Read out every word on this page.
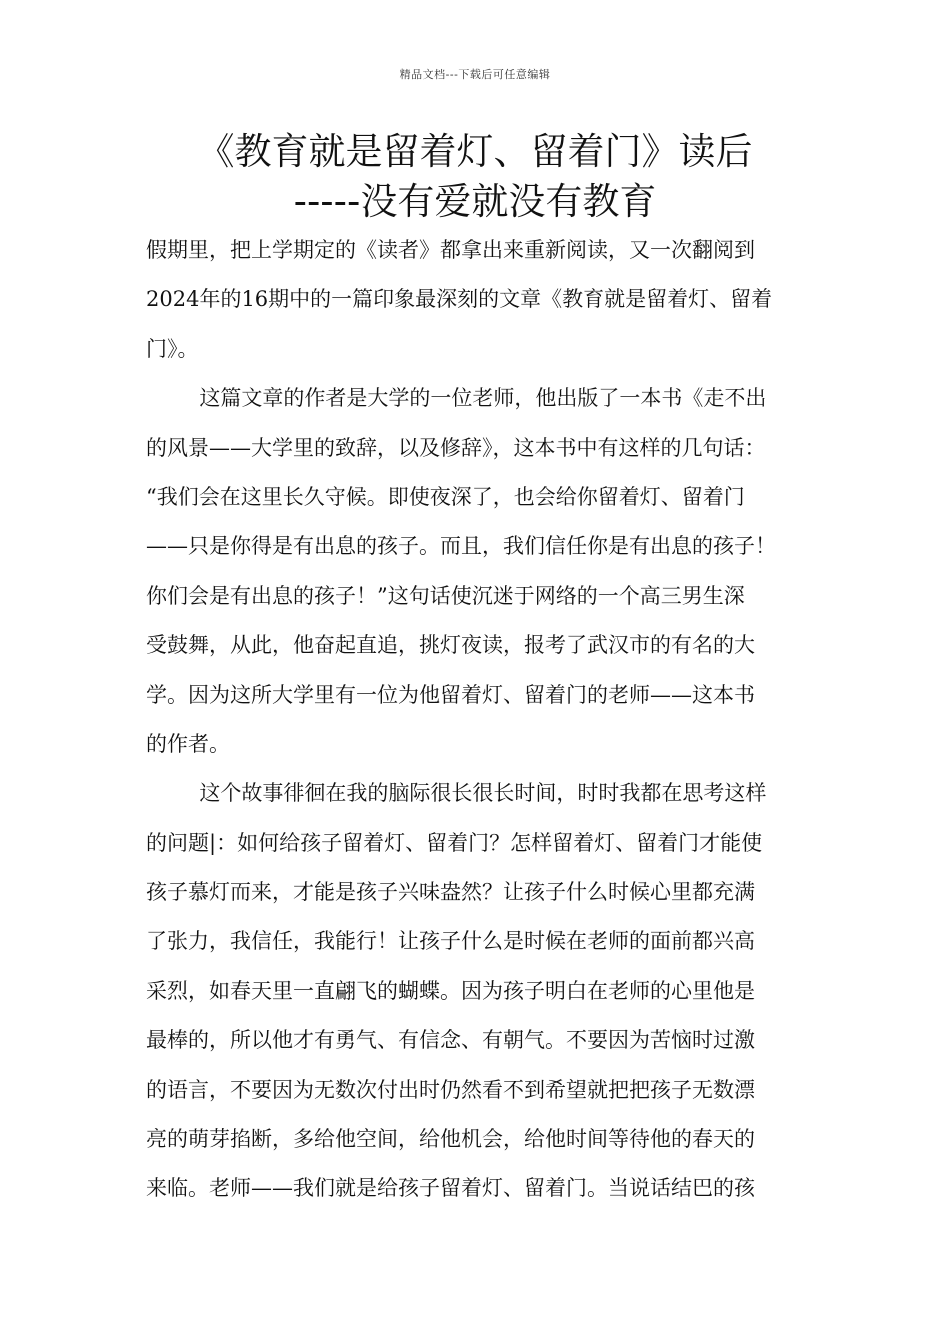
精品文档---下载后可任意编辑
《教育就是留着灯、留着门》读后
-----没有爱就没有教育
假期里，把上学期定的《读者》都拿出来重新阅读，又一次翻阅到
2024年的16期中的一篇印象最深刻的文章《教育就是留着灯、留着
门》。
这篇文章的作者是大学的一位老师，他出版了一本书《走不出
的风景——大学里的致辞，以及修辞》，这本书中有这样的几句话：
“我们会在这里长久守候。即使夜深了，也会给你留着灯、留着门
——只是你得是有出息的孩子。而且，我们信任你是有出息的孩子！
你们会是有出息的孩子！”这句话使沉迷于网络的一个高三男生深
受鼓舞，从此，他奋起直追，挑灯夜读，报考了武汉市的有名的大
学。因为这所大学里有一位为他留着灯、留着门的老师——这本书
的作者。
这个故事徘徊在我的脑际很长很长时间，时时我都在思考这样
的问题|：如何给孩子留着灯、留着门？怎样留着灯、留着门才能使
孩子慕灯而来，才能是孩子兴味盎然？让孩子什么时候心里都充满
了张力，我信任，我能行！让孩子什么是时候在老师的面前都兴高
采烈，如春天里一直翩飞的蝴蝶。因为孩子明白在老师的心里他是
最棒的，所以他才有勇气、有信念、有朝气。不要因为苦恼时过激
的语言，不要因为无数次付出时仍然看不到希望就把把孩子无数漂
亮的萌芽掐断，多给他空间，给他机会，给他时间等待他的春天的
来临。老师——我们就是给孩子留着灯、留着门。当说话结巴的孩
